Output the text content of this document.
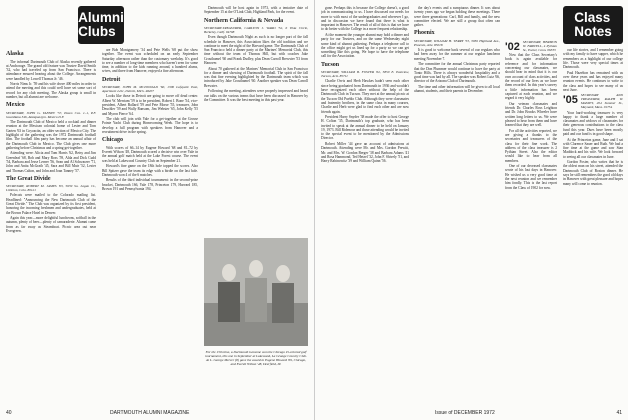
Alumni
Clubs
Alaska

The informal Dartmouth Club of Alaska recently gathered at Anchorage. The grand old feature was Trustee David Smith '32, who had traveled up from San Francisco. There is attendance ensured hearing about the College. Arrangements were handled by Lowell Thomas Jr. '46.

Norris Nims Jr. '59 and his wife drove 400 miles in order to attend the meeting and this could well have set some sort of record for any club meeting. The Alaska group is small in number, but all alumni are welcome.

Mexico

SECRETARY, JOHN G. TANNEY '57, Paseo Cos. 1–1, P.F. Guardiana 346, Atizapan/gro. Mexico D.F.

The Dartmouth Club of Mexico held a cocktail and dinner reunion at the Mexican colonial home of Lester and Tom Garten '63 in Coyoacán, an older section of Mexico City. The highlight of the gathering was the 1972 Dartmouth football film. The football film party has become an annual affair of the Dartmouth Club in Mexico. The Club gives one more gathering before Christmas and a spring get-together.

Attending were: Alicia and Tom Harris '62, Betsy and Jim Greenleaf '68, Bob and Mary Ross '59, Alda and Dick Cudd '54, Barbara and Jesse Lerner '56, Sean and Al Schwarzer '71, John and Anita McGrath '45, Sara and Bill Muir '52, Lester and Thomas Calton, and John and Joan Tanney '57.

The Great Divide

SECRETARY, ROBERT M. JAMES '63, 5639 So. Logan Ct., Littleton, Colo. 80121

Polecats were mailed to the Colorado mailing list. Headlined: "Announcing the New Dartmouth Club of the Great Divide." The Club was organized by its first president, honoring the incoming freshmen and undergraduates, held at the Brown Palace Hotel in Denver.

Again this year—more delightful luncheons, softball in the autumn, plenty of beer—plenty of camaraderie. Alumni came from as far away as Steamboat. Picnic area out near Evergreen.

are Bob Montgomery '34 and Pete Wells '68 put the show together. The event was scheduled on an early September Saturday afternoon rather than the customary weekday. It's good to see a number of long-time members who haven't seen for some time, in addition to the kids running around, a hundred alums, wives, and three from Hanover, enjoyed a fine afternoon.

Detroit

SECRETARY, JOHN M. MCDONALD '60, 1300 Lafayette East, Apartment 2411, Detroit, Mich. 48207

Looks like those in Detroit are going to move off dead center. Albert W. Merriam '59 is to be president, Robert J. Bone '54, vice-president, Albert Ballard '59 and Pete Morse '55, treasurer, John Deuchler '59 and Wally Ransom, Jim Webster '65, John Kelly '55 and Myron Pierce '64.

The club will join with Yale for a get-together at the Grosse Pointe Yacht Club during Homecoming Week. The hope is to develop a full program with speakers from Hanover and a recruitment drive in the spring.

Chicago

With scores of 66–14 by Eugene Howard '68 and 81–72 by Everett Wilson '48, Dartmouth scored a decisive win over Yale in the annual golf match held at the Lake Forest course. The event was held at Lakewood Country Club on September 21.

Howard's fine game on the 18th hole topped the scores. Also Bill Spitzer gave the team its edge with a birdie on the last hole. Dartmouth won 4 of the 6 matches.

Results of the third individual tournament: in the second-prize bracket, Dartmouth 166, Yale 178, Princeton 179, Harvard 185, Brown 191 and Pennsylvania 194.

Dartmouth will be host again in 1973, with a tentative date of September 15 at the O'Link Club, Highland Park, for the event.

Northern California & Nevada

SECRETARY-TREASURER, CARLTON J. WARD '52, 6 Vista Circle, Berkeley, Calif. 94708

Even though Dartmouth Night as such is no longer part of the fall schedule in Hanover, this Association likes the old tradition and we continue to meet the night of the Harvard game. The Dartmouth Club of San Francisco held a dinner party at the Marines' Memorial Club, this time without the team of Thomas Hill, but with coaches Jake Crouthamel '60 and Frank Dudley, plus Dean Carroll Brewster '53 from Hanover.

About 70 gathered at the Marines' Memorial Club in San Francisco for a dinner and showing of Dartmouth football. The spirit of the fall was that fine evening highlighted by the Dartmouth team which was introduced by Jake Crouthamel '60. Another speaker was Dean Carroll Brewster.

Following the meeting, attendees were properly impressed and heard our talks on the various teams that have been discussed in Hanover by the Committee. It was the best meeting in this past year.

For the 15th time, a Dartmouth twosome won the Chicago tri-colored golf tournament, this one in September at Lakewood, La Grange Country Club. At L. George Mercer (8) gave the award to Eugene Howard '69, Chicago, and Everett Wilson '48, Deerfield, Ill.
40	DARTMOUTH ALUMNI MAGAZINE

gone. Perhaps this is because the College doesn't, a good job in communicating to us. I have discussed our needs for more to with most of the undergraduates and wherever I go, and in discussion we have found that there is what is important in Hanover. The result of all of this is that we have to do better with the College in a more frequent relationship.

At the moment the younger alumni may hold a dinner and party for our Trustees, and on the same Wednesday night some kind of alumni gathering. Perhaps a telephone call to the office might get us lined up for a party so we can get something like this going. We hope to have the telephone call for the Association.

Tucson

SECRETARY, WILLIAM B. FOSTER '62, 5850 E. Eastview, Tucson, Ariz. 85711

Charlie Orvis and Herb Hawkes hadn't seen each other since being graduated from Dartmouth in 1936 and wouldn't have recognized each other without the help of the Dartmouth Club in Tucson. They met at the annual picnic at the Tucson Old Pueblo Club. Although they were classmates and fraternity brothers, in the same class in many courses, Charlie and Herb were glad to find each other and are now friends again.

President Harry Snyder '38 made the offer to host George H. Colton '35, Dartmouth's top graduate, who has been invited to speak at the annual dinner to be held on January 19, 1973. Bill Ridenour and those attending would be invited to the special event to be mentioned by the Admissions Director.

Robert Miller '44 gave an account of admissions at Dartmouth. Attending were Mr. and Mrs. Gordon Prewitt, Mr. and Mrs. W. Gordon Berger '38 and Barbara Adams '41 and Rosa Hammond, Ted Hetzel '32, John F. Shively '51, and Harry Rabinowitz '39 and William Quinn '56.

the day's events and a sumptuous dinner. It was about twenty years ago we began holding these meetings. There were three generations: Carl, Bill and family, and the new committee elected. We are still a group that often can gather.

Phoenix

SECRETARY, WILLIAM H. TERRY '53, 3036 Highland Ave., Phoenix, Ariz. 85018

It is good to welcome back several of our regulars who had been away for the summer at our regular luncheon meeting November 7.

The committee for the annual Christmas party reported that the Don Plummer would continue to have the party at Tonto Hills. There is always wonderful hospitality and a good time was had by all. The speaker was Robert Lutz '66, director of the Arizona Club of Dartmouth.

The time and other information will be given to all local alumni, students, and their parents in December.

'02 SECRETARY, HERMON W. FARWELL, 4 Pythian St., Exeter, Conn. 06333

Now that the Class Secretary's book is again available for reference and for information concerning our classmates, we should bear in mind that it is our own account of class activities, and the record of our lives as we have them recorded. In this year's survey a little information has been captured at each reunion, and we regard it very highly.

Our veteran classmates and friends Dr. Charles Ross Leighton and Dr. John Brooks Wheeler have written long letters to us. We were pleased to hear from them and have learned that they are well.

For all the activities reported, we are giving a thanks to the secretaries and treasurers of the class for their fine work. The address of the class treasurer is 2 Pythian Street. Also the editor would like to hear from all members.

One of our deceased classmates wrote of his last days in Hanover. He wished us a very good time at the next reunion and we remember him fondly. This is the last report from the Class of 1902 for now.

Class
Notes

our life stories, and I remember going with my family to have supper, which he remembers as a highlight of our college life. Those were very special times at Dartmouth.

Paul Hazelton has remained with us over these years and has enjoyed many reunion events. He continues to write to the class and hopes to see many of us next June.

'05 SECRETARY AND TREASURER, RALPH W. MASSEY, 204 Summer St., Maynard, Mass. 01754

Your hard-working treasurer is very happy to thank a large number of classmates and widows of classmates for their generous contributions to the class fund this year. Dues have been mostly paid and our fund is in good shape.

At the Princeton game, Jane and I sat with Clarence Sauer and Ruth. We had a fine time at the game and saw Stan Maddock and his wife. We look forward to seeing all our classmates in June.

Gordon Foster, who writes that he is the oldest man on his street, attended the Dartmouth Club of Boston dinner. He says he still remembers the good old days in Hanover with great pleasure and hopes many will come to reunion.

Issue of DECEMBER 1972	41
